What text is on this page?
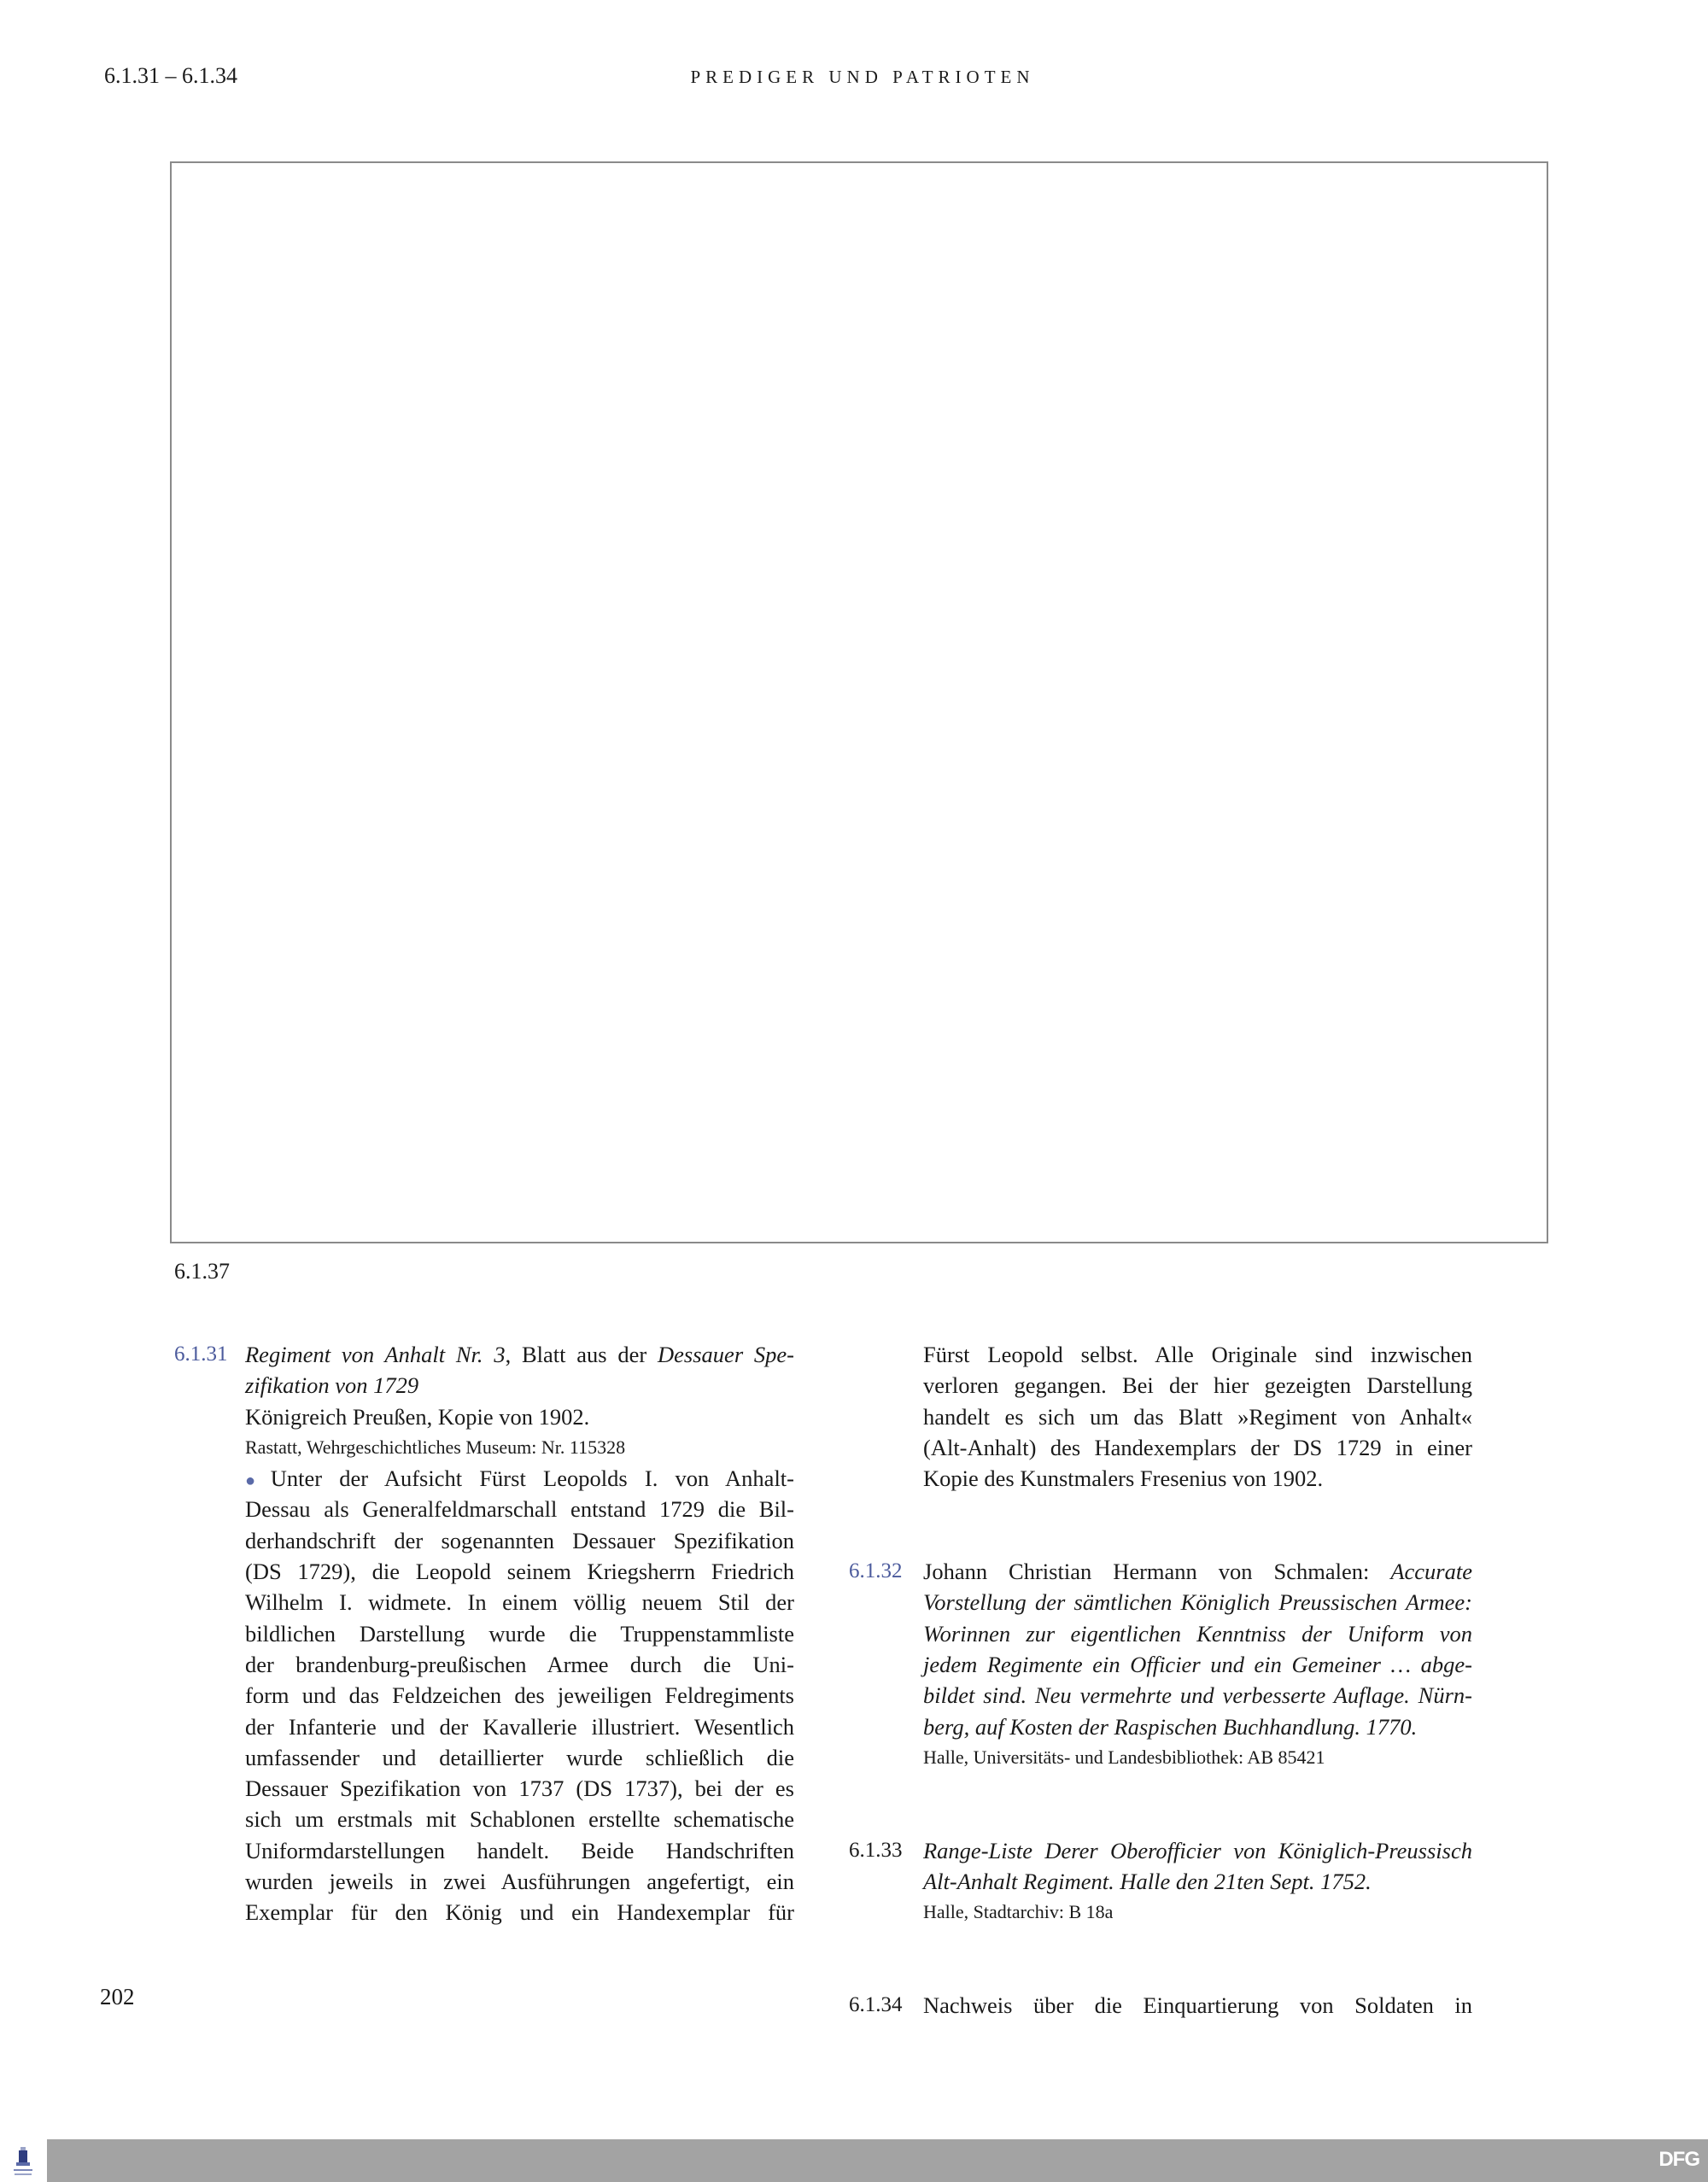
6.1.31 – 6.1.34	PREDIGER UND PATRIOTEN
6.1.37
6.1.31 Regiment von Anhalt Nr. 3, Blatt aus der Dessauer Spe-
zifikation von 1729
Königreich Preußen, Kopie von 1902.
Rastatt, Wehrgeschichtliches Museum: Nr. 115328
● Unter der Aufsicht Fürst Leopolds I. von Anhalt-
Dessau als Generalfeldmarschall entstand 1729 die Bil-
derhandschrift der sogenannten Dessauer Spezifikation
(DS 1729), die Leopold seinem Kriegsherrn Friedrich
Wilhelm I. widmete. In einem völlig neuem Stil der
bildlichen Darstellung wurde die Truppenstammliste
der brandenburg-preußischen Armee durch die Uni-
form und das Feldzeichen des jeweiligen Feldregiments
der Infanterie und der Kavallerie illustriert. Wesentlich
umfassender und detaillierter wurde schließlich die
Dessauer Spezifikation von 1737 (DS 1737), bei der es
sich um erstmals mit Schablonen erstellte schematische
Uniformdarstellungen handelt. Beide Handschriften
wurden jeweils in zwei Ausführungen angefertigt, ein
Exemplar für den König und ein Handexemplar für
Fürst Leopold selbst. Alle Originale sind inzwischen
verloren gegangen. Bei der hier gezeigten Darstellung
handelt es sich um das Blatt »Regiment von Anhalt«
(Alt-Anhalt) des Handexemplars der DS 1729 in einer
Kopie des Kunstmalers Fresenius von 1902.
6.1.32 Johann Christian Hermann von Schmalen: Accurate
Vorstellung der sämtlichen Königlich Preussischen Armee:
Worinnen zur eigentlichen Kenntniss der Uniform von
jedem Regimente ein Officier und ein Gemeiner … abge-
bildet sind. Neu vermehrte und verbesserte Auflage. Nürn-
berg, auf Kosten der Raspischen Buchhandlung. 1770.
Halle, Universitäts- und Landesbibliothek: AB 85421
6.1.33 Range-Liste Derer Oberofficier von Königlich-Preussisch
Alt-Anhalt Regiment. Halle den 21ten Sept. 1752.
Halle, Stadtarchiv: B 18a
6.1.34 Nachweis über die Einquartierung von Soldaten in
202
DFG
